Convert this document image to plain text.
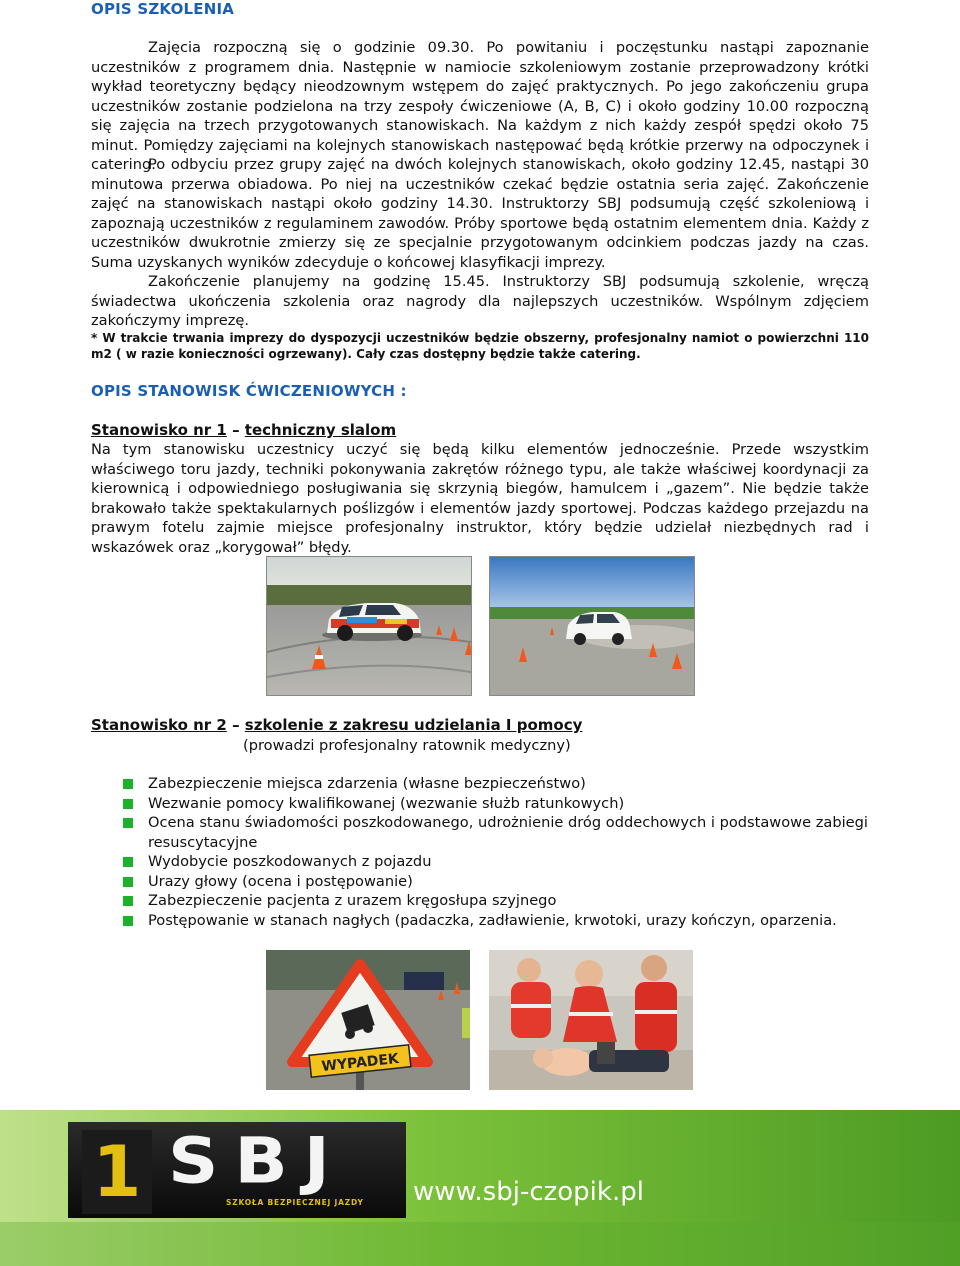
OPIS SZKOLENIA

Zajęcia rozpoczną się o godzinie 09.30. Po powitaniu i poczęstunku nastąpi zapoznanie uczestników z programem dnia. Następnie w namiocie szkoleniowym zostanie przeprowadzony krótki wykład teoretyczny będący nieodzownym wstępem do zajęć praktycznych. Po jego zakończeniu grupa uczestników zostanie podzielona na trzy zespoły ćwiczeniowe (A, B, C) i około godziny 10.00 rozpoczną się zajęcia na trzech przygotowanych stanowiskach. Na każdym z nich każdy zespół spędzi około 75 minut. Pomiędzy zajęciami na kolejnych stanowiskach następować będą krótkie przerwy na odpoczynek i catering.

Po odbyciu przez grupy zajęć na dwóch kolejnych stanowiskach, około godziny 12.45, nastąpi 30 minutowa przerwa obiadowa. Po niej na uczestników czekać będzie ostatnia seria zajęć. Zakończenie zajęć na stanowiskach nastąpi około godziny 14.30. Instruktorzy SBJ podsumują część szkoleniową i zapoznają uczestników z regulaminem zawodów. Próby sportowe będą ostatnim elementem dnia. Każdy z uczestników dwukrotnie zmierzy się ze specjalnie przygotowanym odcinkiem podczas jazdy na czas. Suma uzyskanych wyników zdecyduje o końcowej klasyfikacji imprezy.

Zakończenie planujemy na godzinę 15.45. Instruktorzy SBJ podsumują szkolenie, wręczą świadectwa ukończenia szkolenia oraz nagrody dla najlepszych uczestników. Wspólnym zdjęciem zakończymy imprezę.

* W trakcie trwania imprezy do dyspozycji uczestników będzie obszerny, profesjonalny namiot o powierzchni 110 m2 ( w razie konieczności ogrzewany). Cały czas dostępny będzie także catering.

OPIS STANOWISK ĆWICZENIOWYCH :
Stanowisko nr 1 – techniczny slalom

Na tym stanowisku uczestnicy uczyć się będą kilku elementów jednocześnie. Przede wszystkim właściwego toru jazdy, techniki pokonywania zakrętów różnego typu, ale także właściwej koordynacji za kierownicą i odpowiedniego posługiwania się skrzynią biegów, hamulcem i „gazem”. Nie będzie także brakowało także spektakularnych poślizgów i elementów jazdy sportowej. Podczas każdego przejazdu na prawym fotelu zajmie miejsce profesjonalny instruktor, który będzie udzielał niezbędnych rad i wskazówek oraz „korygował” błędy.

Stanowisko nr 2 – szkolenie z zakresu udzielania I pomocy
(prowadzi profesjonalny ratownik medyczny)
Zabezpieczenie miejsca zdarzenia (własne bezpieczeństwo)
Wezwanie pomocy kwalifikowanej (wezwanie służb ratunkowych)
Ocena stanu świadomości poszkodowanego, udrożnienie dróg oddechowych i podstawowe zabiegi resuscytacyjne
Wydobycie poszkodowanych z pojazdu
Urazy głowy (ocena i postępowanie)
Zabezpieczenie pacjenta z urazem kręgosłupa szyjnego
Postępowanie w stanach nagłych (padaczka, zadławienie, krwotoki, urazy kończyn, oparzenia.
WYPADEK
1 SBJ
SZKOŁA BEZPIECZNEJ JAZDY www.sbj-czopik.pl
